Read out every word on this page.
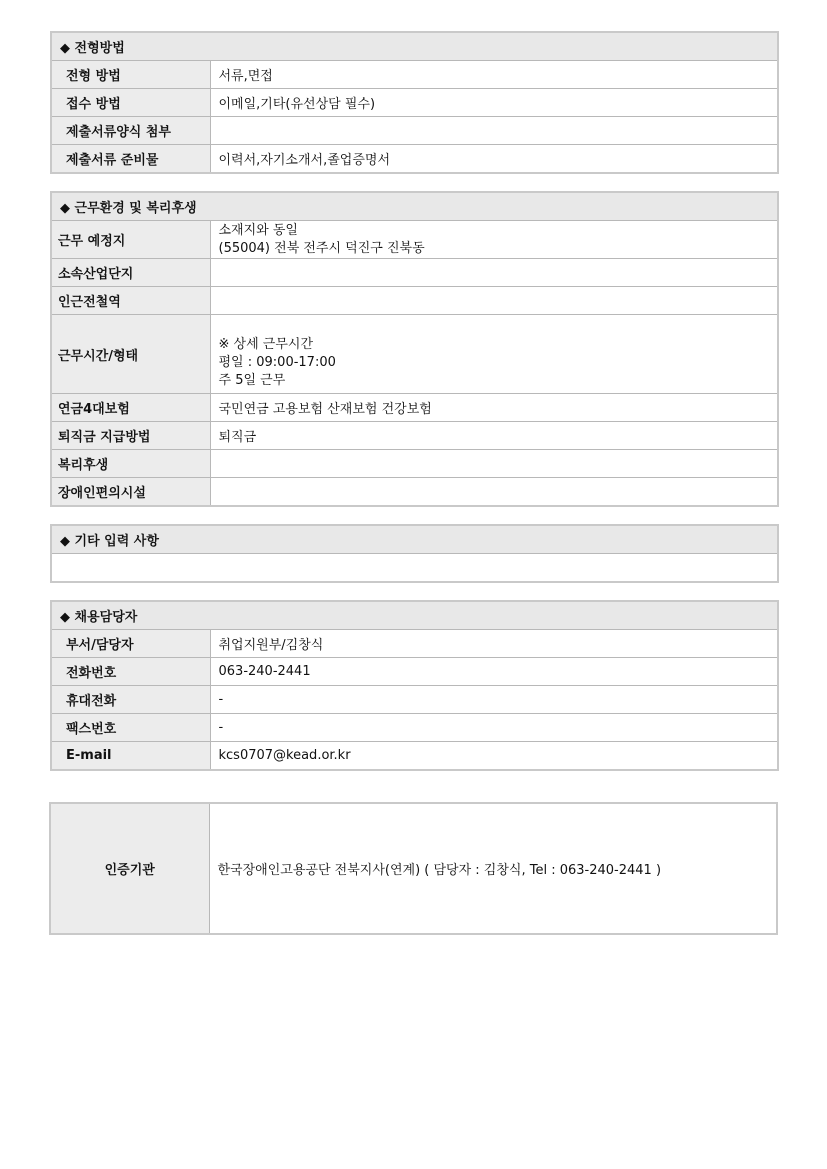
◆ 전형방법	
전형 방법	서류,면접
접수 방법	이메일,기타(유선상담 필수)
제출서류양식 첨부	
제출서류 준비물	이력서,자기소개서,졸업증명서
◆ 근무환경 및 복리후생	
근무 예정지	소재지와 동일
(55004) 전북 전주시 덕진구 진북동

소속산업단지	
인근전철역	
근무시간/형태	※ 상세 근무시간
평일 : 09:00-17:00
주 5일 근무

연금4대보험	국민연금 고용보험 산재보험 건강보험
퇴직금 지급방법	퇴직금
복리후생	
장애인편의시설	
◆ 기타 입력 사항

◆ 채용담당자	
부서/담당자	취업지원부/김창식
전화번호	063-240-2441
휴대전화	-
팩스번호	-
E-mail	kcs0707@kead.or.kr
인증기관	한국장애인고용공단 전북지사(연계) ( 담당자 : 김창식, Tel : 063-240-2441 )
